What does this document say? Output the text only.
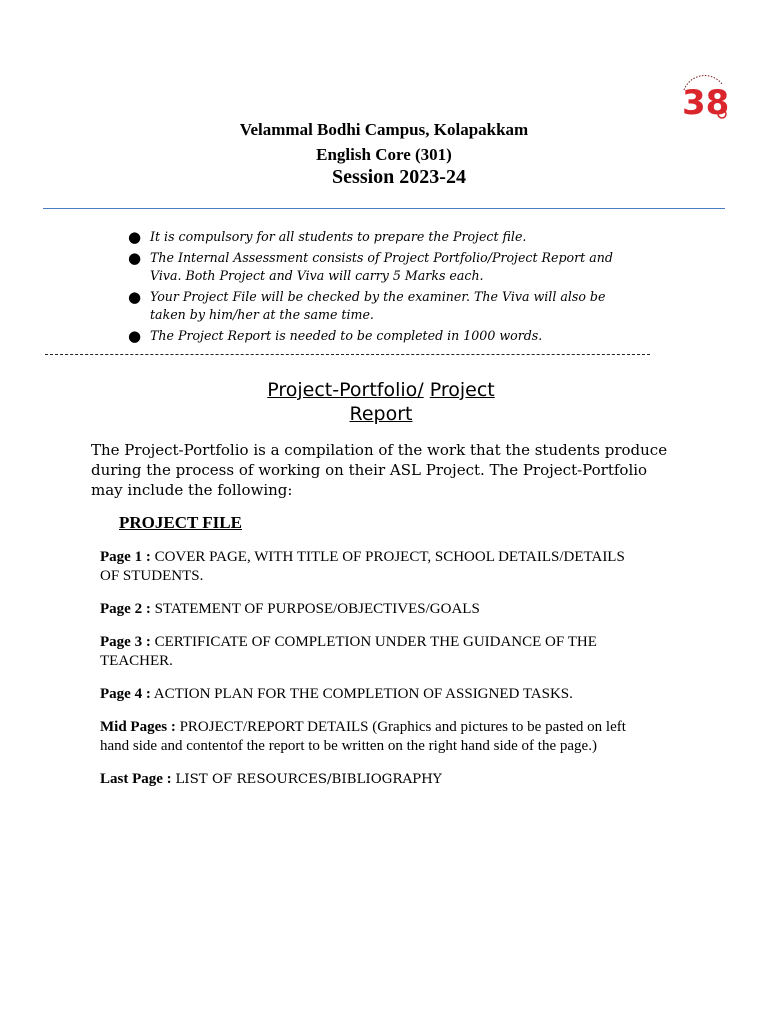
38
Velammal Bodhi Campus, Kolapakkam
English Core (301)
Session 2023-24
● It is compulsory for all students to prepare the Project file.
● The Internal Assessment consists of Project Portfolio/Project Report and Viva. Both Project and Viva will carry 5 Marks each.
● Your Project File will be checked by the examiner. The Viva will also be taken by him/her at the same time.
● The Project Report is needed to be completed in 1000 words.
Project-Portfolio/ Project
Report

The Project-Portfolio is a compilation of the work that the students produce during the process of working on their ASL Project. The Project-Portfolio may include the following:

PROJECT FILE

Page 1 : COVER PAGE, WITH TITLE OF PROJECT, SCHOOL DETAILS/DETAILS OF STUDENTS.

Page 2 : STATEMENT OF PURPOSE/OBJECTIVES/GOALS

Page 3 : CERTIFICATE OF COMPLETION UNDER THE GUIDANCE OF THE TEACHER.

Page 4 : ACTION PLAN FOR THE COMPLETION OF ASSIGNED TASKS.

Mid Pages : PROJECT/REPORT DETAILS (Graphics and pictures to be pasted on left hand side and contentof the report to be written on the right hand side of the page.)

Last Page : LIST OF RESOURCES/BIBLIOGRAPHY
